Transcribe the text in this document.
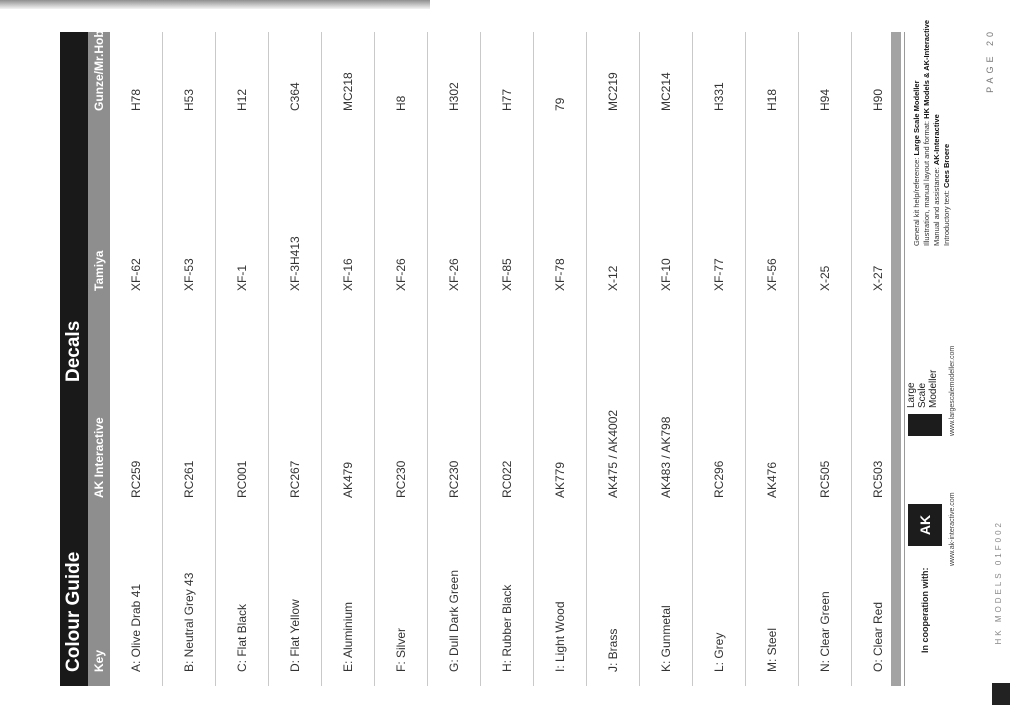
Colour Guide
Decals
Key
AK Interactive
Tamiya
Gunze/Mr.Hobby
A: Olive Drab 41
RC259
XF-62
H78
B: Neutral Grey 43
RC261
XF-53
H53
C: Flat Black
RC001
XF-1
H12
D: Flat Yellow
RC267
XF-3H413
C364
E: Aluminium
AK479
XF-16
MC218
F: Silver
RC230
XF-26
H8
G: Dull Dark Green
RC230
XF-26
H302
H: Rubber Black
RC022
XF-85
H77
I: Light Wood
AK779
XF-78
79
J: Brass
AK475 / AK4002
X-12
MC219
K: Gunmetal
AK483 / AK798
XF-10
MC214
L: Grey
RC296
XF-77
H331
M: Steel
AK476
XF-56
H18
N: Clear Green
RC505
X-25
H94
O: Clear Red
RC503
X-27
H90
In cooperation with:
AK	www.ak-interactive.com
Large Scale Modeller www.largescalemodeller.com
General kit help/reference: Large Scale Modeller
Illustration, manual layout and format: HK Models & AK-Interactive
Manual and assistance: AK-Interactive
Introductory text: Cees Broere
PAGE 20
HK MODELS 01F002
